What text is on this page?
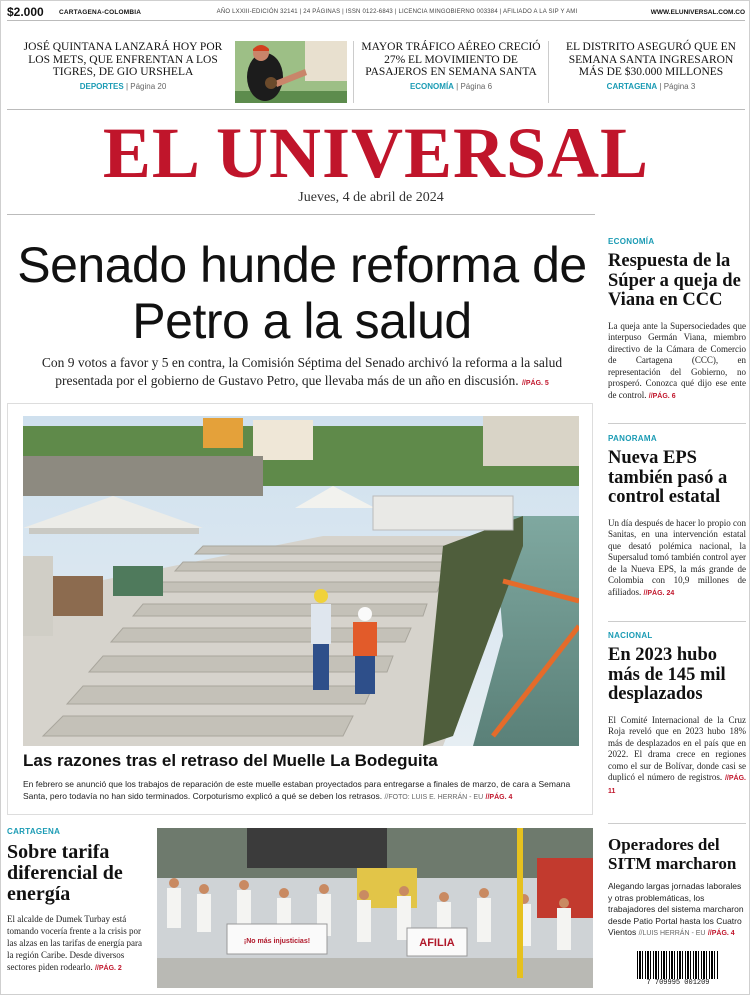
$2.000	CARTAGENA-COLOMBIA	AÑO LXXIII-EDICIÓN 32141 | 24 PÁGINAS | ISSN 0122-6843 | LICENCIA MINGOBIERNO 003384 | AFILIADO A LA SIP Y AMI	WWW.ELUNIVERSAL.COM.CO
JOSÉ QUINTANA LANZARÁ HOY POR LOS METS, QUE ENFRENTAN A LOS TIGRES, DE GIO URSHELA
DEPORTES | Página 20
MAYOR TRÁFICO AÉREO CRECIÓ 27% EL MOVIMIENTO DE PASAJEROS EN SEMANA SANTA
ECONOMÍA | Página 6
EL DISTRITO ASEGURÓ QUE EN SEMANA SANTA INGRESARON MÁS DE $30.000 MILLONES
CARTAGENA | Página 3
EL UNIVERSAL
Jueves, 4 de abril de 2024
Senado hunde reforma de Petro a la salud
Con 9 votos a favor y 5 en contra, la Comisión Séptima del Senado archivó la reforma a la salud presentada por el gobierno de Gustavo Petro, que llevaba más de un año en discusión. //PÁG. 5
Las razones tras el retraso del Muelle La Bodeguita
En febrero se anunció que los trabajos de reparación de este muelle estaban proyectados para entregarse a finales de marzo, de cara a Semana Santa, pero todavía no han sido terminados. Corpoturismo explicó a qué se deben los retrasos. //FOTO: LUIS E. HERRÁN - EU //PÁG. 4
ECONOMÍA
Respuesta de la Súper a queja de Viana en CCC
La queja ante la Supersociedades que interpuso Germán Viana, miembro directivo de la Cámara de Comercio de Cartagena (CCC), en representación del Gobierno, no prosperó. Conozca qué dijo ese ente de control. //PÁG. 6
PANORAMA
Nueva EPS también pasó a control estatal
Un día después de hacer lo propio con Sanitas, en una intervención estatal que desató polémica nacional, la Supersalud tomó también control ayer de la Nueva EPS, la más grande de Colombia con 10,9 millones de afiliados. //PÁG. 24
NACIONAL
En 2023 hubo más de 145 mil desplazados
El Comité Internacional de la Cruz Roja reveló que en 2023 hubo 18% más de desplazados en el país que en 2022. El drama crece en regiones como el sur de Bolívar, donde casi se duplicó el número de registros. //PÁG. 11
CARTAGENA
Sobre tarifa diferencial de energía
El alcalde de Dumek Turbay está tomando vocería frente a la crisis por las alzas en las tarifas de energía para la región Caribe. Desde diversos sectores piden rodearlo. //PÁG. 2
¡No más injusticias!	AFILIA
Operadores del SITM marcharon
Alegando largas jornadas laborales y otras problemáticas, los trabajadores del sistema marcharon desde Patio Portal hasta los Cuatro Vientos //LUIS HERRÁN - EU //PÁG. 4
7 709995 001209
